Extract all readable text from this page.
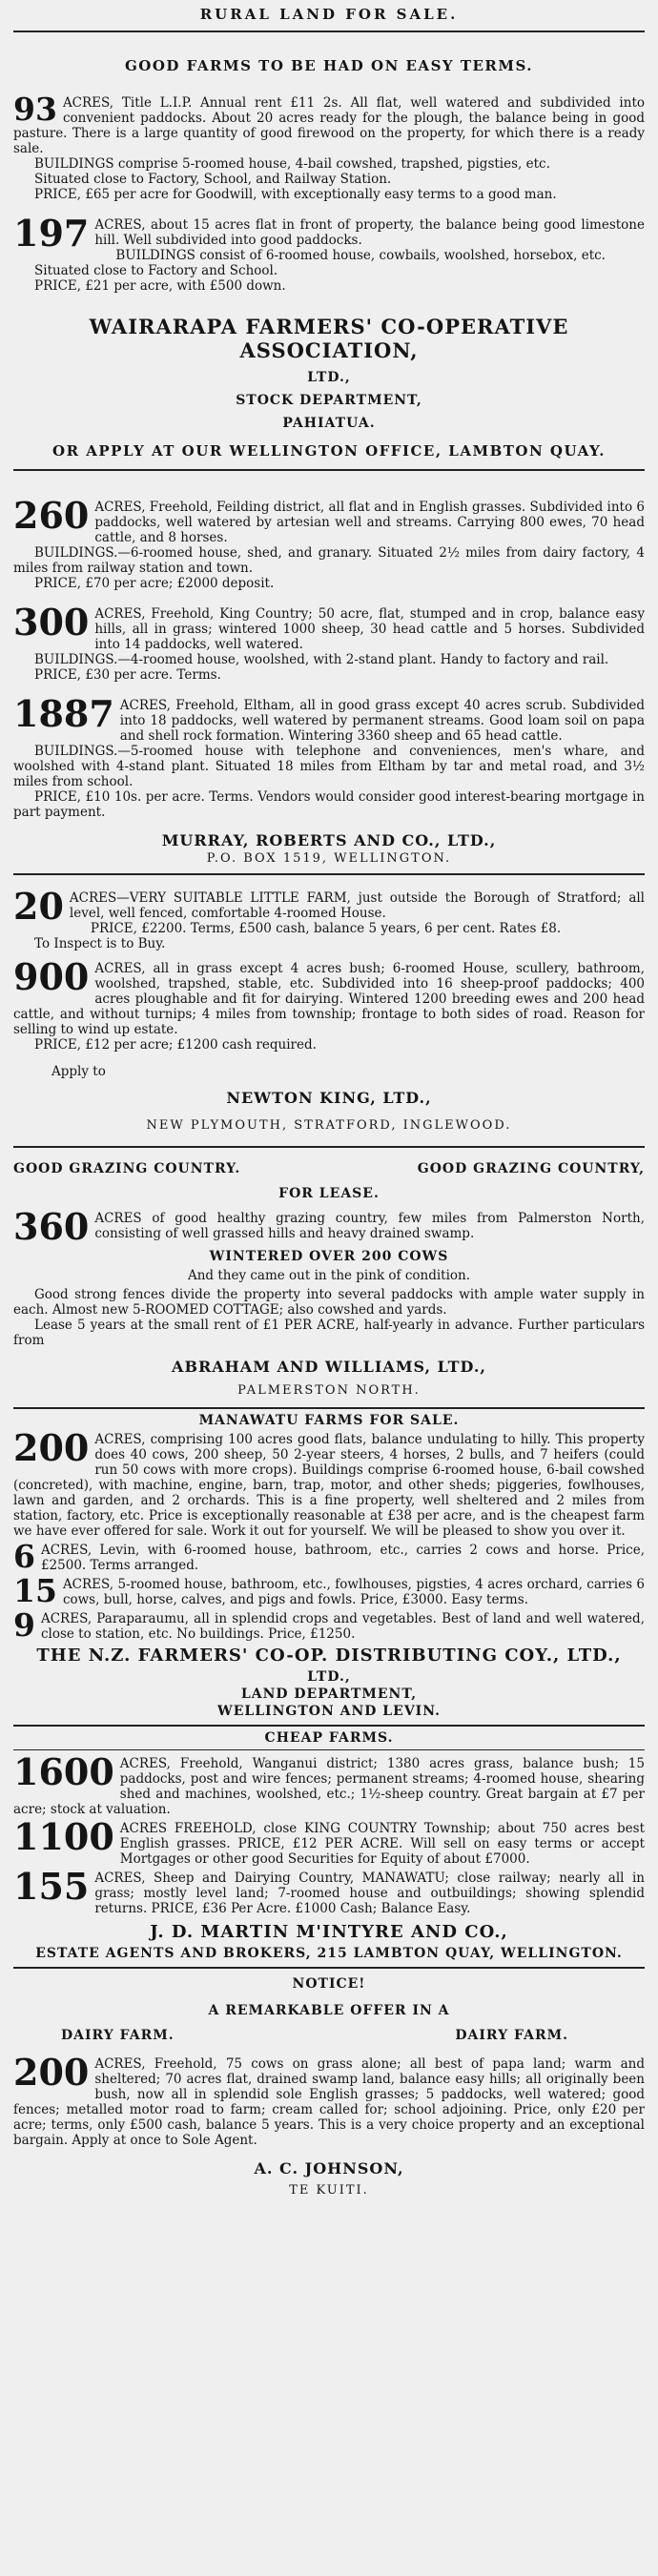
RURAL LAND FOR SALE.
GOOD FARMS TO BE HAD ON EASY TERMS.
93 ACRES, Title L.I.P. Annual rent £11 2s. All flat, well watered and subdivided into convenient paddocks. About 20 acres ready for the plough, the balance being in good pasture. There is a large quantity of good firewood on the property, for which there is a ready sale.

BUILDINGS comprise 5-roomed house, 4-bail cowshed, trapshed, pigsties, etc.

Situated close to Factory, School, and Railway Station.

PRICE, £65 per acre for Goodwill, with exceptionally easy terms to a good man.

197 ACRES, about 15 acres flat in front of property, the balance being good limestone hill. Well subdivided into good paddocks.

BUILDINGS consist of 6-roomed house, cowbails, woolshed, horsebox, etc.

Situated close to Factory and School.

PRICE, £21 per acre, with £500 down.

WAIRARAPA FARMERS' CO-OPERATIVE ASSOCIATION,
LTD.,
STOCK DEPARTMENT,
PAHIATUA.
OR APPLY AT OUR WELLINGTON OFFICE, LAMBTON QUAY.
260 ACRES, Freehold, Feilding district, all flat and in English grasses. Subdivided into 6 paddocks, well watered by artesian well and streams. Carrying 800 ewes, 70 head cattle, and 8 horses.

BUILDINGS.—6-roomed house, shed, and granary. Situated 2½ miles from dairy factory, 4 miles from railway station and town.

PRICE, £70 per acre; £2000 deposit.

300 ACRES, Freehold, King Country; 50 acre, flat, stumped and in crop, balance easy hills, all in grass; wintered 1000 sheep, 30 head cattle and 5 horses. Subdivided into 14 paddocks, well watered.

BUILDINGS.—4-roomed house, woolshed, with 2-stand plant. Handy to factory and rail.

PRICE, £30 per acre. Terms.

1887 ACRES, Freehold, Eltham, all in good grass except 40 acres scrub. Subdivided into 18 paddocks, well watered by permanent streams. Good loam soil on papa and shell rock formation. Wintering 3360 sheep and 65 head cattle.

BUILDINGS.—5-roomed house with telephone and conveniences, men's whare, and woolshed with 4-stand plant. Situated 18 miles from Eltham by tar and metal road, and 3½ miles from school.

PRICE, £10 10s. per acre. Terms. Vendors would consider good interest-bearing mortgage in part payment.

MURRAY, ROBERTS AND CO., LTD.,
P.O. BOX 1519, WELLINGTON.
20 ACRES—VERY SUITABLE LITTLE FARM, just outside the Borough of Stratford; all level, well fenced, comfortable 4-roomed House.

PRICE, £2200. Terms, £500 cash, balance 5 years, 6 per cent. Rates £8.

To Inspect is to Buy.

900 ACRES, all in grass except 4 acres bush; 6-roomed House, scullery, bathroom, woolshed, trapshed, stable, etc. Subdivided into 16 sheep-proof paddocks; 400 acres ploughable and fit for dairying. Wintered 1200 breeding ewes and 200 head cattle, and without turnips; 4 miles from township; frontage to both sides of road. Reason for selling to wind up estate.

PRICE, £12 per acre; £1200 cash required.

Apply to

NEWTON KING, LTD.,
NEW PLYMOUTH, STRATFORD, INGLEWOOD.
GOOD GRAZING COUNTRY.	GOOD GRAZING COUNTRY,
FOR LEASE.
360 ACRES of good healthy grazing country, few miles from Palmerston North, consisting of well grassed hills and heavy drained swamp.

WINTERED OVER 200 COWS

And they came out in the pink of condition.

Good strong fences divide the property into several paddocks with ample water supply in each. Almost new 5-ROOMED COTTAGE; also cowshed and yards.

Lease 5 years at the small rent of £1 PER ACRE, half-yearly in advance. Further particulars from

ABRAHAM AND WILLIAMS, LTD.,
PALMERSTON NORTH.
MANAWATU FARMS FOR SALE.
200 ACRES, comprising 100 acres good flats, balance undulating to hilly. This property does 40 cows, 200 sheep, 50 2-year steers, 4 horses, 2 bulls, and 7 heifers (could run 50 cows with more crops). Buildings comprise 6-roomed house, 6-bail cowshed (concreted), with machine, engine, barn, trap, motor, and other sheds; piggeries, fowlhouses, lawn and garden, and 2 orchards. This is a fine property, well sheltered and 2 miles from station, factory, etc. Price is exceptionally reasonable at £38 per acre, and is the cheapest farm we have ever offered for sale. Work it out for yourself. We will be pleased to show you over it.

6 ACRES, Levin, with 6-roomed house, bathroom, etc., carries 2 cows and horse. Price, £2500. Terms arranged.

15 ACRES, 5-roomed house, bathroom, etc., fowlhouses, pigsties, 4 acres orchard, carries 6 cows, bull, horse, calves, and pigs and fowls. Price, £3000. Easy terms.

9 ACRES, Paraparaumu, all in splendid crops and vegetables. Best of land and well watered, close to station, etc. No buildings. Price, £1250.

THE N.Z. FARMERS' CO-OP. DISTRIBUTING COY., LTD.,
LTD.,
LAND DEPARTMENT,
WELLINGTON AND LEVIN.
CHEAP FARMS.
1600 ACRES, Freehold, Wanganui district; 1380 acres grass, balance bush; 15 paddocks, post and wire fences; permanent streams; 4-roomed house, shearing shed and machines, woolshed, etc.; 1½-sheep country. Great bargain at £7 per acre; stock at valuation.

1100 ACRES FREEHOLD, close KING COUNTRY Township; about 750 acres best English grasses. PRICE, £12 PER ACRE. Will sell on easy terms or accept Mortgages or other good Securities for Equity of about £7000.

155 ACRES, Sheep and Dairying Country, MANAWATU; close railway; nearly all in grass; mostly level land; 7-roomed house and outbuildings; showing splendid returns. PRICE, £36 Per Acre. £1000 Cash; Balance Easy.

J. D. MARTIN M'INTYRE AND CO.,
ESTATE AGENTS AND BROKERS, 215 LAMBTON QUAY, WELLINGTON.
NOTICE!
A REMARKABLE OFFER IN A
DAIRY FARM.	DAIRY FARM.
200 ACRES, Freehold, 75 cows on grass alone; all best of papa land; warm and sheltered; 70 acres flat, drained swamp land, balance easy hills; all originally been bush, now all in splendid sole English grasses; 5 paddocks, well watered; good fences; metalled motor road to farm; cream called for; school adjoining. Price, only £20 per acre; terms, only £500 cash, balance 5 years. This is a very choice property and an exceptional bargain. Apply at once to Sole Agent.

A. C. JOHNSON,
TE KUITI.
